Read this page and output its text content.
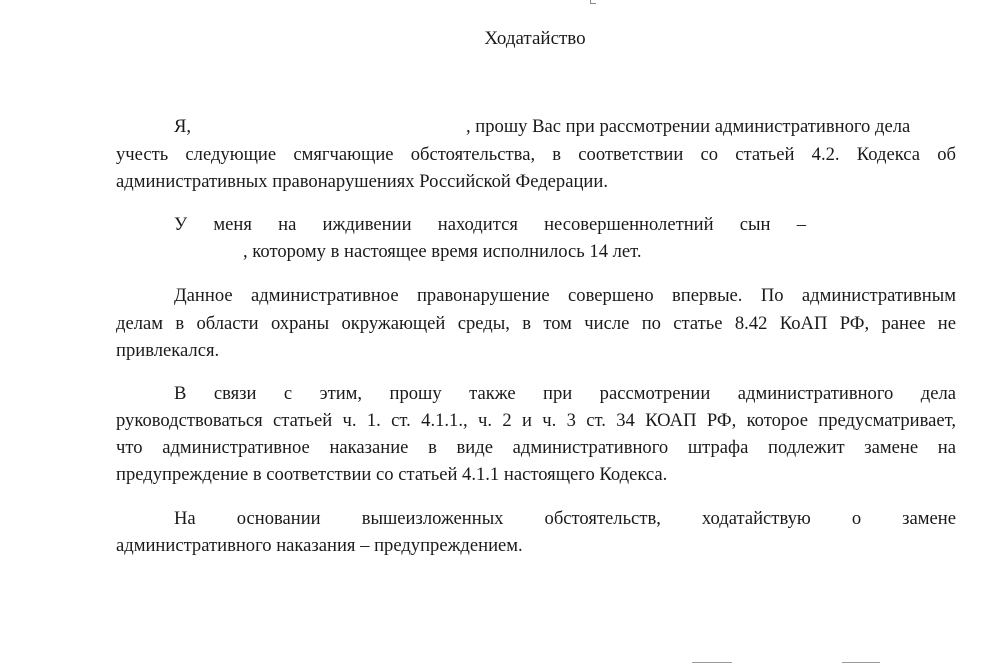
Ходатайство
Я,	, прошу Вас при рассмотрении административного дела
учесть следующие смягчающие обстоятельства, в соответствии со статьей 4.2. Кодекса об
административных правонарушениях Российской Федерации.
У меня на иждивении находится несовершеннолетний сын –
, которому в настоящее время исполнилось 14 лет.
Данное административное правонарушение совершено впервые. По административным
делам в области охраны окружающей среды, в том числе по статье 8.42 КоАП РФ, ранее не
привлекался.
В связи с этим, прошу также при рассмотрении административного дела
руководствоваться статьей ч. 1. ст. 4.1.1., ч. 2 и ч. 3 ст. 34 КОАП РФ, которое предусматривает,
что административное наказание в виде административного штрафа подлежит замене на
предупреждение в соответствии со статьей 4.1.1 настоящего Кодекса.
На основании вышеизложенных обстоятельств, ходатайствую о замене
административного наказания – предупреждением.
